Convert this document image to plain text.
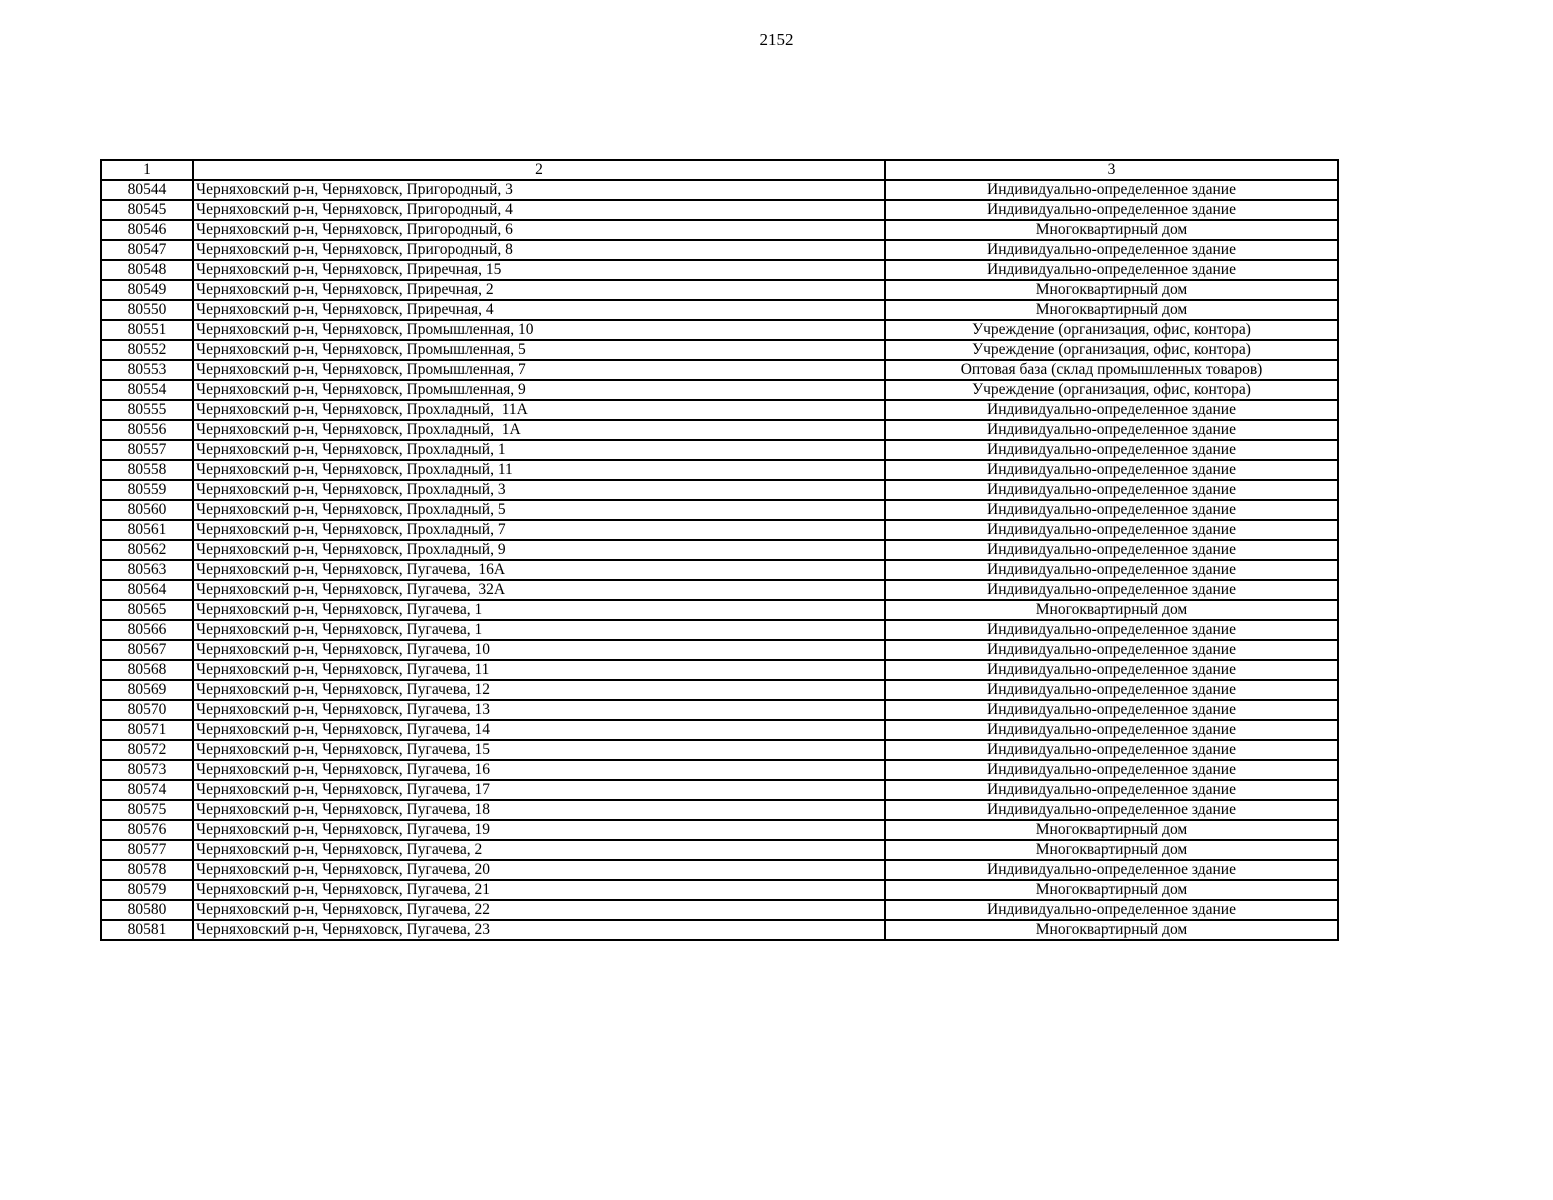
2152
1	2	3
80544	Черняховский р-н, Черняховск, Пригородный, 3	Индивидуально-определенное здание
80545	Черняховский р-н, Черняховск, Пригородный, 4	Индивидуально-определенное здание
80546	Черняховский р-н, Черняховск, Пригородный, 6	Многоквартирный дом
80547	Черняховский р-н, Черняховск, Пригородный, 8	Индивидуально-определенное здание
80548	Черняховский р-н, Черняховск, Приречная, 15	Индивидуально-определенное здание
80549	Черняховский р-н, Черняховск, Приречная, 2	Многоквартирный дом
80550	Черняховский р-н, Черняховск, Приречная, 4	Многоквартирный дом
80551	Черняховский р-н, Черняховск, Промышленная, 10	Учреждение (организация, офис, контора)
80552	Черняховский р-н, Черняховск, Промышленная, 5	Учреждение (организация, офис, контора)
80553	Черняховский р-н, Черняховск, Промышленная, 7	Оптовая база (склад промышленных товаров)
80554	Черняховский р-н, Черняховск, Промышленная, 9	Учреждение (организация, офис, контора)
80555	Черняховский р-н, Черняховск, Прохладный,  11А	Индивидуально-определенное здание
80556	Черняховский р-н, Черняховск, Прохладный,  1А	Индивидуально-определенное здание
80557	Черняховский р-н, Черняховск, Прохладный, 1	Индивидуально-определенное здание
80558	Черняховский р-н, Черняховск, Прохладный, 11	Индивидуально-определенное здание
80559	Черняховский р-н, Черняховск, Прохладный, 3	Индивидуально-определенное здание
80560	Черняховский р-н, Черняховск, Прохладный, 5	Индивидуально-определенное здание
80561	Черняховский р-н, Черняховск, Прохладный, 7	Индивидуально-определенное здание
80562	Черняховский р-н, Черняховск, Прохладный, 9	Индивидуально-определенное здание
80563	Черняховский р-н, Черняховск, Пугачева,  16А	Индивидуально-определенное здание
80564	Черняховский р-н, Черняховск, Пугачева,  32А	Индивидуально-определенное здание
80565	Черняховский р-н, Черняховск, Пугачева, 1	Многоквартирный дом
80566	Черняховский р-н, Черняховск, Пугачева, 1	Индивидуально-определенное здание
80567	Черняховский р-н, Черняховск, Пугачева, 10	Индивидуально-определенное здание
80568	Черняховский р-н, Черняховск, Пугачева, 11	Индивидуально-определенное здание
80569	Черняховский р-н, Черняховск, Пугачева, 12	Индивидуально-определенное здание
80570	Черняховский р-н, Черняховск, Пугачева, 13	Индивидуально-определенное здание
80571	Черняховский р-н, Черняховск, Пугачева, 14	Индивидуально-определенное здание
80572	Черняховский р-н, Черняховск, Пугачева, 15	Индивидуально-определенное здание
80573	Черняховский р-н, Черняховск, Пугачева, 16	Индивидуально-определенное здание
80574	Черняховский р-н, Черняховск, Пугачева, 17	Индивидуально-определенное здание
80575	Черняховский р-н, Черняховск, Пугачева, 18	Индивидуально-определенное здание
80576	Черняховский р-н, Черняховск, Пугачева, 19	Многоквартирный дом
80577	Черняховский р-н, Черняховск, Пугачева, 2	Многоквартирный дом
80578	Черняховский р-н, Черняховск, Пугачева, 20	Индивидуально-определенное здание
80579	Черняховский р-н, Черняховск, Пугачева, 21	Многоквартирный дом
80580	Черняховский р-н, Черняховск, Пугачева, 22	Индивидуально-определенное здание
80581	Черняховский р-н, Черняховск, Пугачева, 23	Многоквартирный дом
